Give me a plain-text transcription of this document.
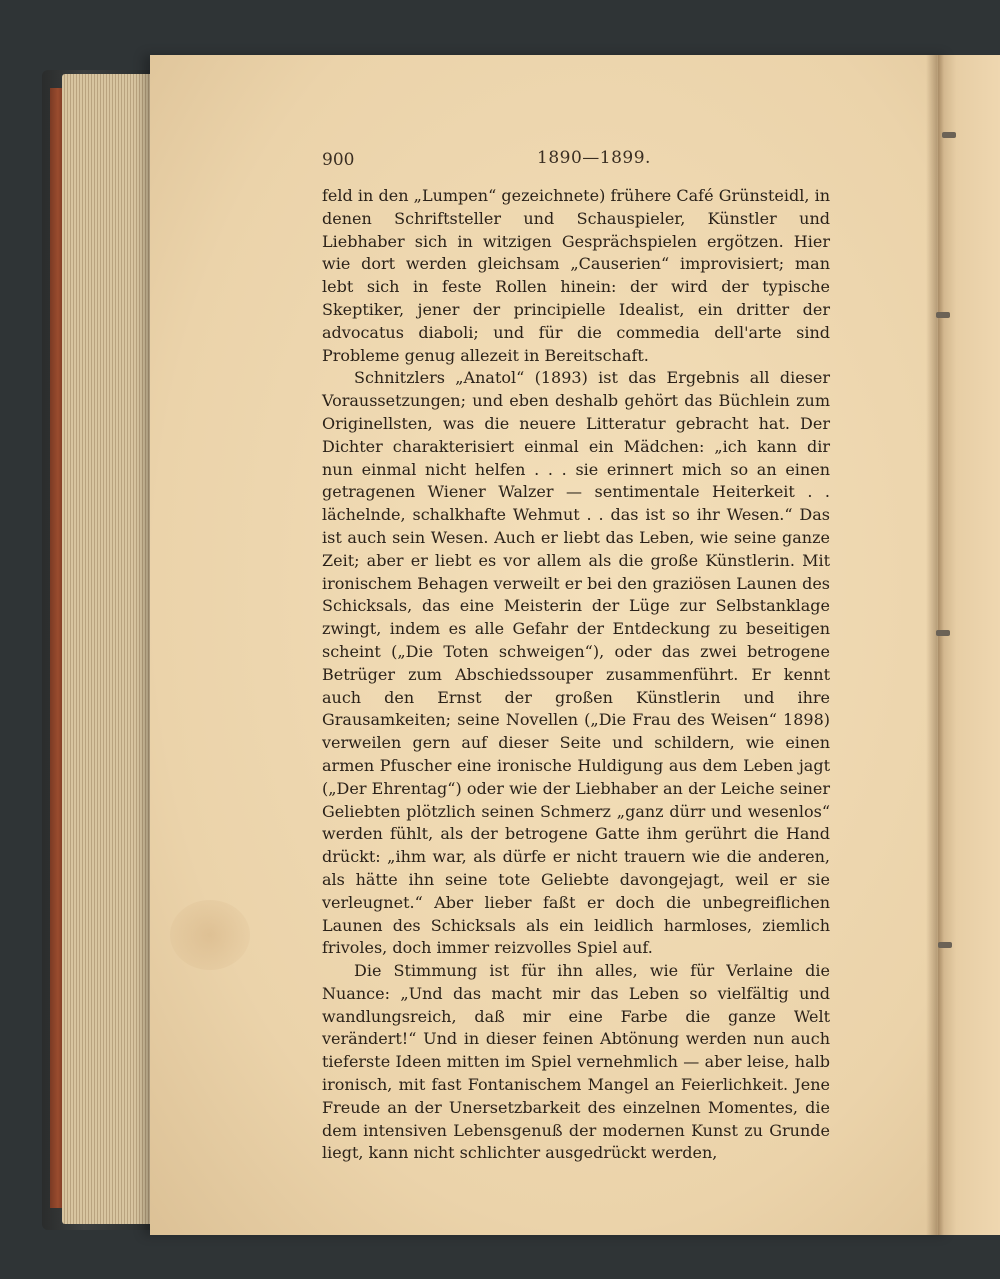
900	1890—1899.

feld in den „Lumpen“ gezeichnete) frühere Café Grünsteidl, in denen Schriftsteller und Schauspieler, Künstler und Liebhaber sich in witzigen Gesprächspielen ergötzen. Hier wie dort werden gleichsam „Causerien“ improvisiert; man lebt sich in feste Rollen hinein: der wird der typische Skeptiker, jener der principielle Idealist, ein dritter der advocatus diaboli; und für die commedia dell'arte sind Probleme genug allezeit in Bereitschaft.

Schnitzlers „Anatol“ (1893) ist das Ergebnis all dieser Voraussetzungen; und eben deshalb gehört das Büchlein zum Originellsten, was die neuere Litteratur gebracht hat. Der Dichter charakterisiert einmal ein Mädchen: „ich kann dir nun einmal nicht helfen . . . sie erinnert mich so an einen getragenen Wiener Walzer — sentimentale Heiterkeit . . lächelnde, schalkhafte Wehmut . . das ist so ihr Wesen.“ Das ist auch sein Wesen. Auch er liebt das Leben, wie seine ganze Zeit; aber er liebt es vor allem als die große Künstlerin. Mit ironischem Behagen verweilt er bei den graziösen Launen des Schicksals, das eine Meisterin der Lüge zur Selbstanklage zwingt, indem es alle Gefahr der Entdeckung zu beseitigen scheint („Die Toten schweigen“), oder das zwei betrogene Betrüger zum Abschiedssouper zusammenführt. Er kennt auch den Ernst der großen Künstlerin und ihre Grausamkeiten; seine Novellen („Die Frau des Weisen“ 1898) verweilen gern auf dieser Seite und schildern, wie einen armen Pfuscher eine ironische Huldigung aus dem Leben jagt („Der Ehrentag“) oder wie der Liebhaber an der Leiche seiner Geliebten plötzlich seinen Schmerz „ganz dürr und wesenlos“ werden fühlt, als der betrogene Gatte ihm gerührt die Hand drückt: „ihm war, als dürfe er nicht trauern wie die anderen, als hätte ihn seine tote Geliebte davongejagt, weil er sie verleugnet.“ Aber lieber faßt er doch die unbegreiflichen Launen des Schicksals als ein leidlich harmloses, ziemlich frivoles, doch immer reizvolles Spiel auf.

Die Stimmung ist für ihn alles, wie für Verlaine die Nuance: „Und das macht mir das Leben so vielfältig und wandlungsreich, daß mir eine Farbe die ganze Welt verändert!“ Und in dieser feinen Abtönung werden nun auch tieferste Ideen mitten im Spiel vernehmlich — aber leise, halb ironisch, mit fast Fontanischem Mangel an Feierlichkeit. Jene Freude an der Unersetzbarkeit des einzelnen Momentes, die dem intensiven Lebensgenuß der modernen Kunst zu Grunde liegt, kann nicht schlichter ausgedrückt werden,
